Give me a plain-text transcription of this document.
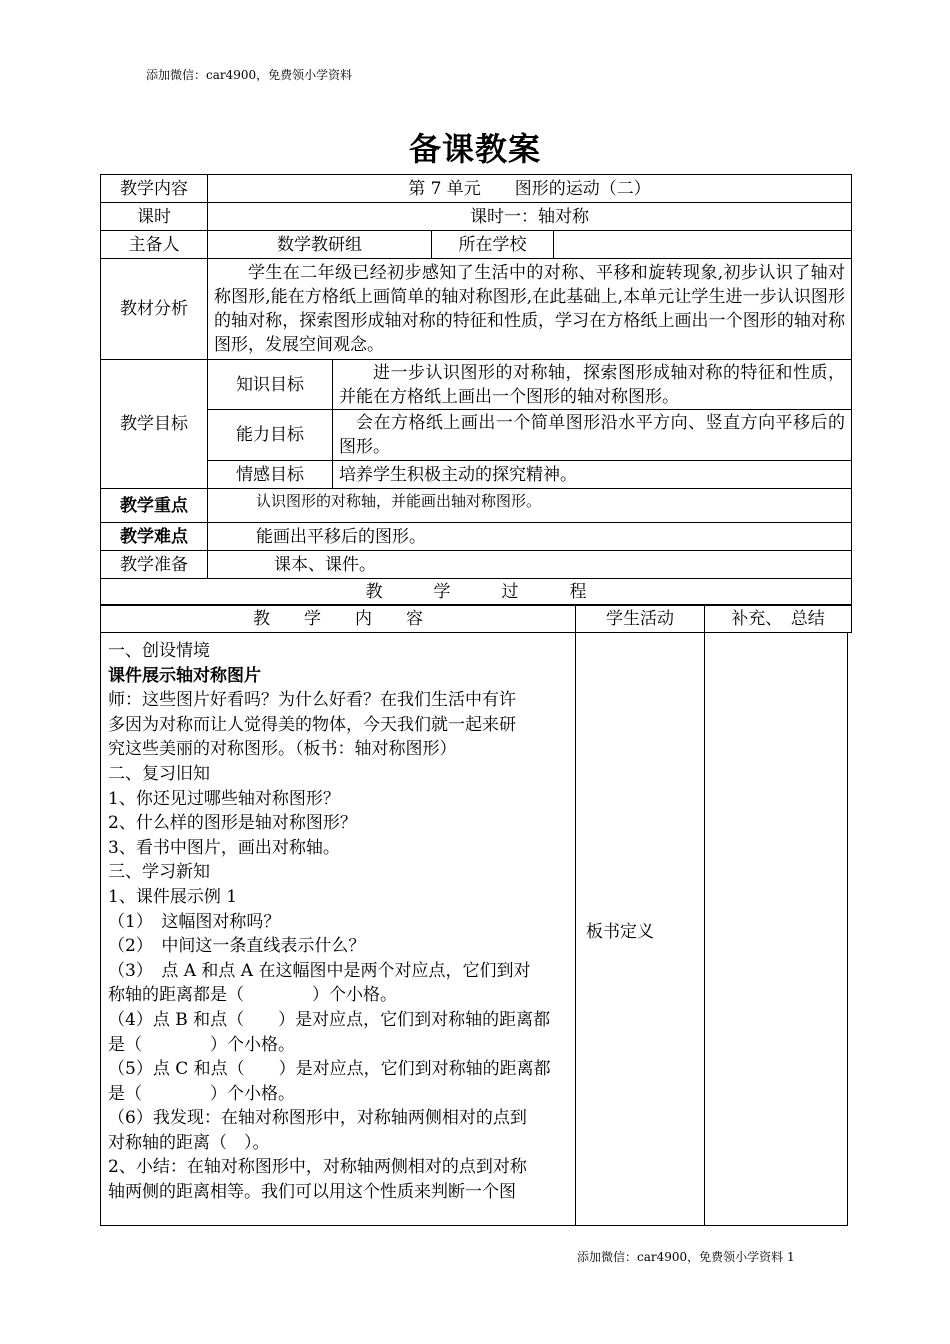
添加微信：car4900，免费领小学资料
备课教案
教学内容	第 7 单元　　图形的运动（二）			
课时	课时一：轴对称			
主备人	数学教研组		所在学校	
教材分析	学生在二年级已经初步感知了生活中的对称、平移和旋转现象,初步认识了轴对称图形,能在方格纸上画简单的轴对称图形,在此基础上,本单元让学生进一步认识图形的轴对称，探索图形成轴对称的特征和性质，学习在方格纸上画出一个图形的轴对称图形，发展空间观念。			
教学目标	知识目标	进一步认识图形的对称轴，探索图形成轴对称的特征和性质，并能在方格纸上画出一个图形的轴对称图形。		
	能力目标	会在方格纸上画出一个简单图形沿水平方向、竖直方向平移后的图形。		
	情感目标	培养学生积极主动的探究精神。		
教学重点	认识图形的对称轴，并能画出轴对称图形。			
教学难点	能画出平移后的图形。			
教学准备	课本、课件。			
教　　　学　　　过　　　程				
教　　学　　内　　容	学生活动	补充、　总结
一、创设情境
课件展示轴对称图片
师：这些图片好看吗？为什么好看？在我们生活中有许
多因为对称而让人觉得美的物体，今天我们就一起来研
究这些美丽的对称图形。（板书：轴对称图形）
二、复习旧知
1、你还见过哪些轴对称图形？
2、什么样的图形是轴对称图形？
3、看书中图片，画出对称轴。
三、学习新知
1、课件展示例 1
（1）　这幅图对称吗？
（2）　中间这一条直线表示什么？
（3）　点 A 和点 A 在这幅图中是两个对应点，它们到对
称轴的距离都是（　　　　）个小格。
（4）点 B 和点（　　）是对应点，它们到对称轴的距离都
是（　　　　）个小格。
（5）点 C 和点（　　）是对应点，它们到对称轴的距离都
是（　　　　）个小格。
（6）我发现：在轴对称图形中，对称轴两侧相对的点到
对称轴的距离（　）。
2、小结：在轴对称图形中，对称轴两侧相对的点到对称
轴两侧的距离相等。我们可以用这个性质来判断一个图
	板书定义	
添加微信：car4900，免费领小学资料 1
